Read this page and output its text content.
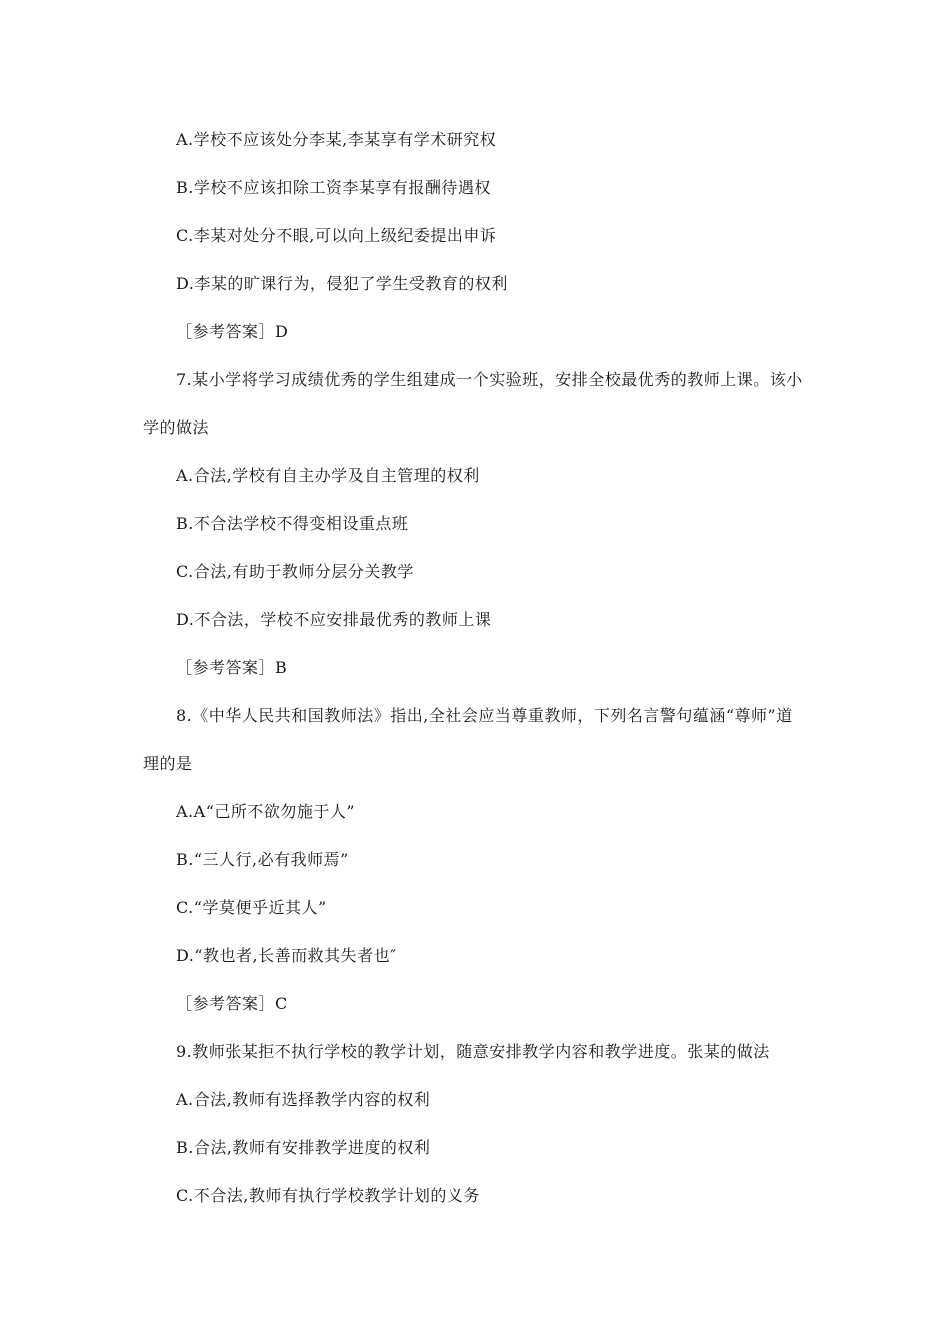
A.学校不应该处分李某,李某享有学术研究权
B.学校不应该扣除工资李某享有报酬待遇权
C.李某对处分不眼,可以向上级纪委提出申诉
D.李某的旷课行为，侵犯了学生受教育的权利
［参考答案］D
7.某小学将学习成绩优秀的学生组建成一个实验班，安排全校最优秀的教师上课。该小
学的做法
A.合法,学校有自主办学及自主管理的权利
B.不合法学校不得变相设重点班
C.合法,有助于教师分层分关教学
D.不合法，学校不应安排最优秀的教师上课
［参考答案］B
8.《中华人民共和国教师法》指出,全社会应当尊重教师，下列名言警句蕴涵“尊师”道
理的是
A.A“己所不欲勿施于人”
B.“三人行,必有我师焉”
C.“学莫便乎近其人”
D.“教也者,长善而救其失者也″
［参考答案］C
9.教师张某拒不执行学校的教学计划，随意安排教学内容和教学进度。张某的做法
A.合法,教师有选择教学内容的权利
B.合法,教师有安排教学进度的权利
C.不合法,教师有执行学校教学计划的义务
